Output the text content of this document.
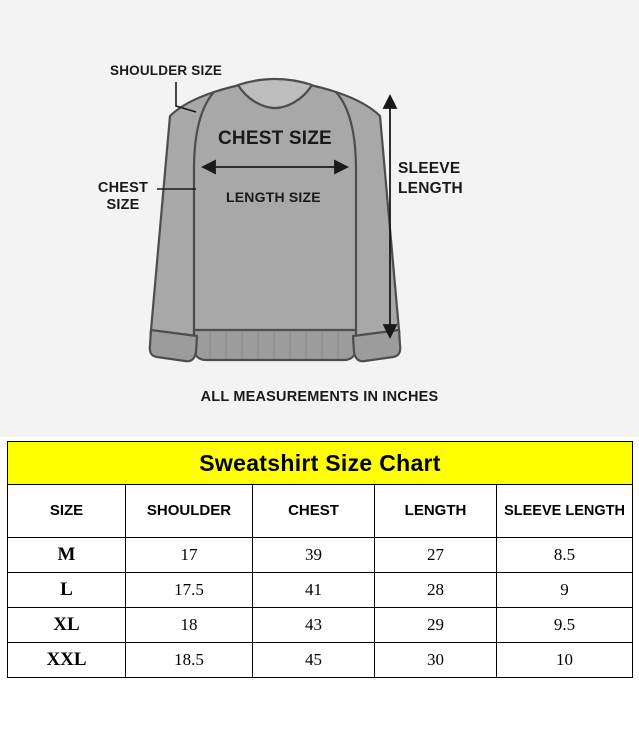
SHOULDER SIZE
CHEST SIZE
CHEST SIZE	LENGTH SIZE
SLEEVE LENGTH
ALL MEASUREMENTS IN INCHES
Sweatshirt Size Chart				
SIZE	SHOULDER	CHEST	LENGTH	SLEEVE LENGTH
M	17	39	27	8.5
L	17.5	41	28	9
XL	18	43	29	9.5
XXL	18.5	45	30	10
